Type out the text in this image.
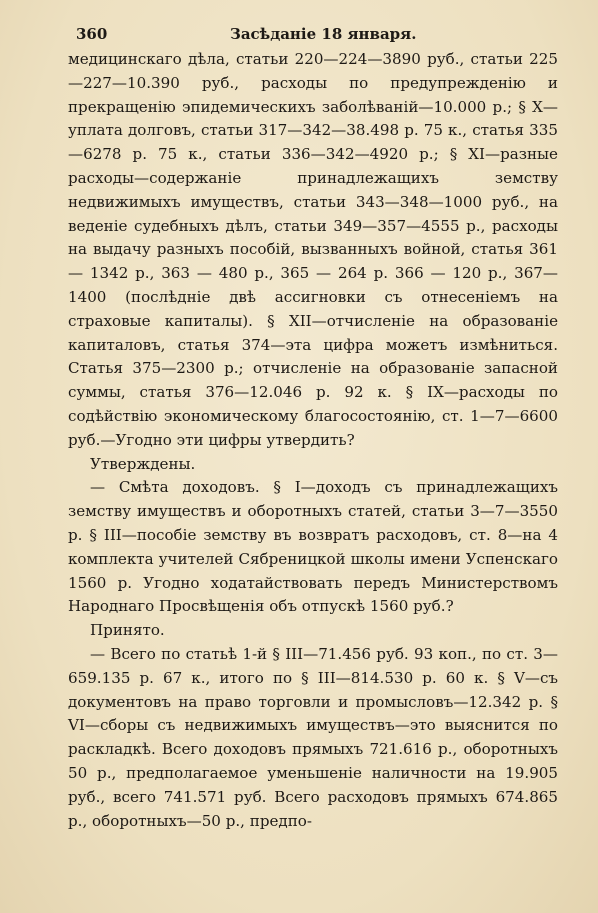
360	Засѣданіе 18 января.

медицинскаго дѣла, статьи 220—224—3890 руб., статьи 225—227—10.390 руб., расходы по предупрежденію и прекращенію эпидемическихъ заболѣваній—10.000 р.; § X—уплата долговъ, статьи 317—342—38.498 р. 75 к., статья 335—6278 р. 75 к., статьи 336—342—4920 р.; § XI—разные расходы—содержаніе принадлежащихъ земству недвижимыхъ имуществъ, статьи 343—348—1000 руб., на веденіе судебныхъ дѣлъ, статьи 349—357—4555 р., расходы на выдачу разныхъ пособій, вызванныхъ войной, статья 361 — 1342 р., 363 — 480 р., 365 — 264 р. 366 — 120 р., 367—1400 (послѣдніе двѣ ассигновки съ отнесеніемъ на страховые капиталы). § XII—отчисленіе на образованіе капиталовъ, статья 374—эта цифра можетъ измѣниться. Статья 375—2300 р.; отчисленіе на образованіе запасной суммы, статья 376—12.046 р. 92 к. § IX—расходы по содѣйствію экономическому благосостоянію, ст. 1—7—6600 руб.—Угодно эти цифры утвердить?

Утверждены.

— Смѣта доходовъ. § I—доходъ съ принадлежащихъ земству имуществъ и оборотныхъ статей, статьи 3—7—3550 р. § III—пособіе земству въ возвратъ расходовъ, ст. 8—на 4 комплекта учителей Сябреницкой школы имени Успенскаго 1560 р. Угодно ходатайствовать передъ Министерствомъ Народнаго Просвѣщенія объ отпускѣ 1560 руб.?

Принято.

— Всего по статьѣ 1-й § III—71.456 руб. 93 коп., по ст. 3—659.135 р. 67 к., итого по § III—814.530 р. 60 к. § V—съ документовъ на право торговли и промысловъ—12.342 р. § VI—сборы съ недвижимыхъ имуществъ—это выяснится по раскладкѣ. Всего доходовъ прямыхъ 721.616 р., оборотныхъ 50 р., предполагаемое уменьшеніе наличности на 19.905 руб., всего 741.571 руб. Всего расходовъ прямыхъ 674.865 р., оборотныхъ—50 р., предпо-
